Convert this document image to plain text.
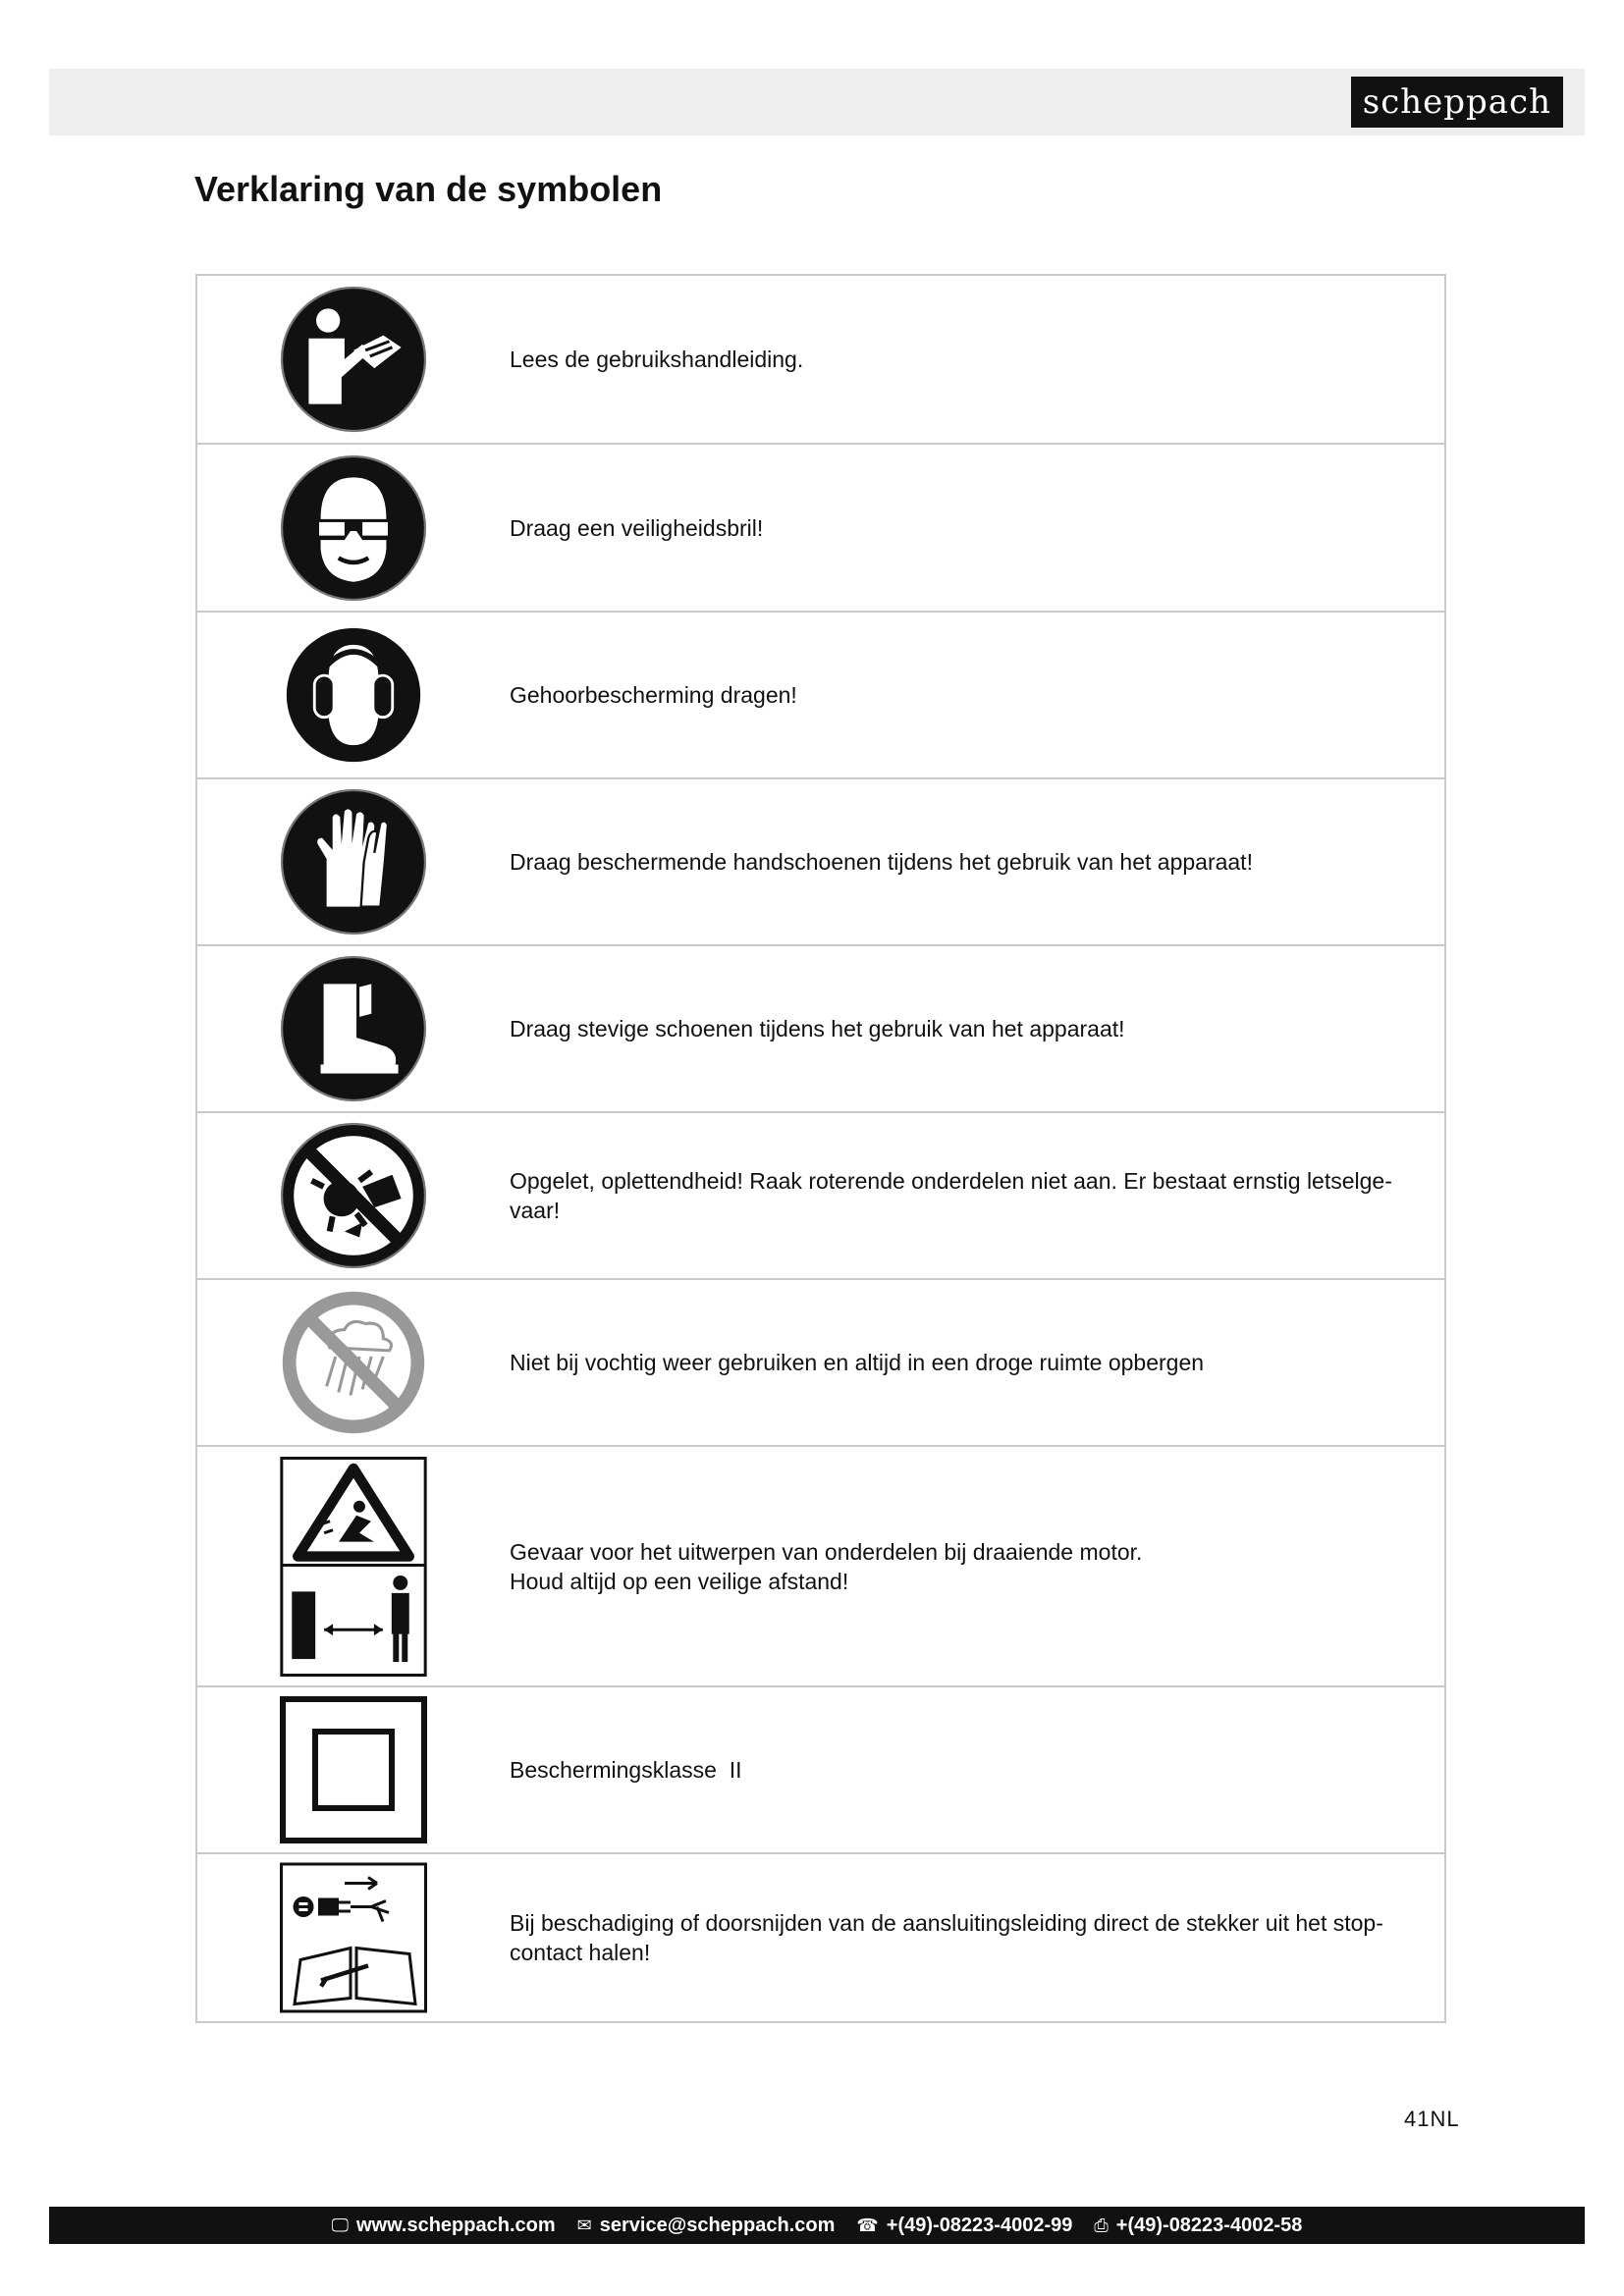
scheppach
Verklaring van de symbolen
Lees de gebruikshandleiding.
Draag een veiligheidsbril!
Gehoorbescherming dragen!
Draag beschermende handschoenen tijdens het gebruik van het apparaat!
Draag stevige schoenen tijdens het gebruik van het apparaat!
Opgelet, oplettendheid! Raak roterende onderdelen niet aan. Er bestaat ernstig letselge-
vaar!
Niet bij vochtig weer gebruiken en altijd in een droge ruimte opbergen
Gevaar voor het uitwerpen van onderdelen bij draaiende motor.
Houd altijd op een veilige afstand!
Beschermingsklasse  II
Bij beschadiging of doorsnijden van de aansluitingsleiding direct de stekker uit het stop-
contact halen!
41NL
🖵 www.scheppach.com ✉ service@scheppach.com ☎ +(49)-08223-4002-99 ⎙ +(49)-08223-4002-58
